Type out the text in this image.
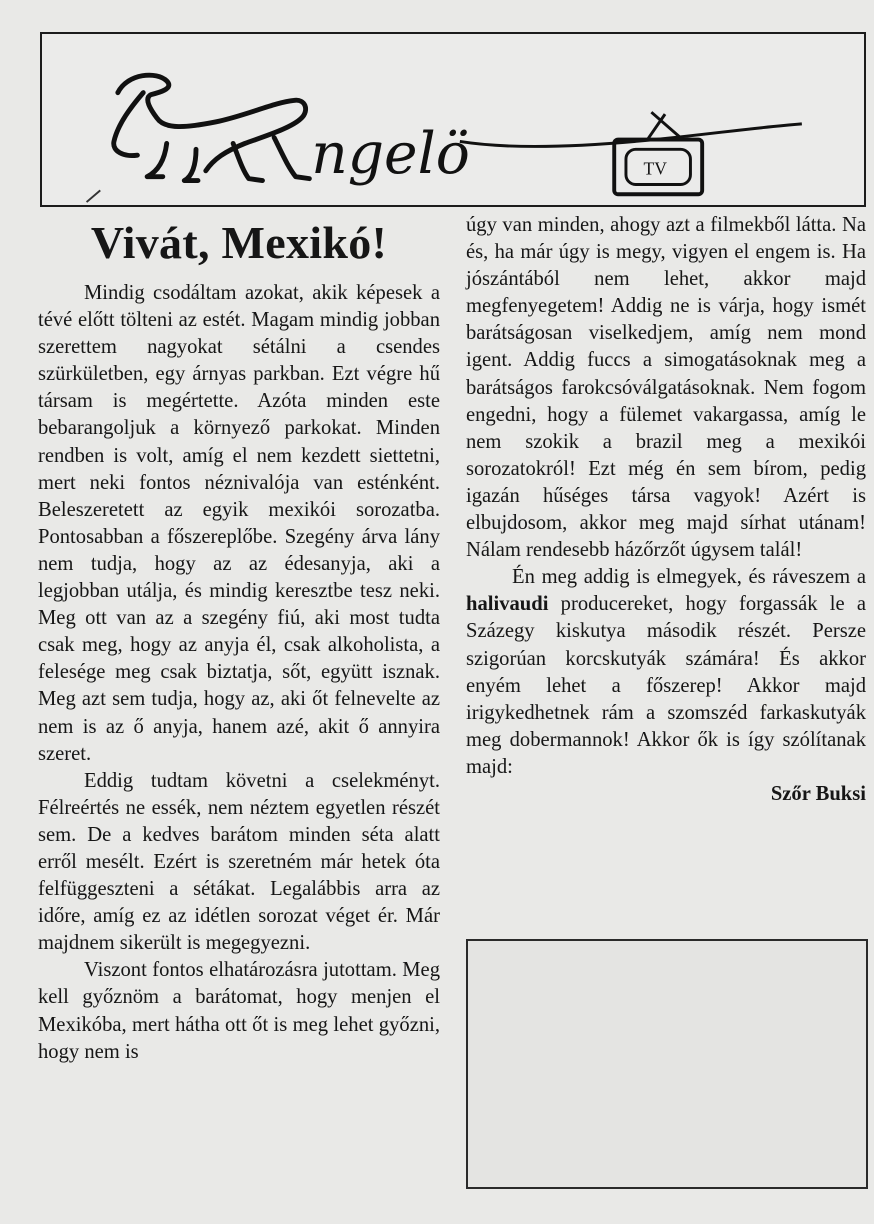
TV
ngelö
Vivát, Mexikó!

Mindig csodáltam azokat, akik képesek a tévé előtt tölteni az estét. Magam mindig jobban szerettem nagyokat sétálni a csendes szürkületben, egy árnyas parkban. Ezt végre hű társam is megértette. Azóta minden este bebarangoljuk a környező parkokat. Minden rendben is volt, amíg el nem kezdett siettetni, mert neki fontos néznivalója van esténként. Beleszeretett az egyik mexikói sorozatba. Pontosabban a főszereplőbe. Szegény árva lány nem tudja, hogy az az édesanyja, aki a legjobban utálja, és mindig keresztbe tesz neki. Meg ott van az a szegény fiú, aki most tudta csak meg, hogy az anyja él, csak alkoholista, a felesége meg csak biztatja, sőt, együtt isznak. Meg azt sem tudja, hogy az, aki őt felnevelte az nem is az ő anyja, hanem azé, akit ő annyira szeret.

Eddig tudtam követni a cselekményt. Félreértés ne essék, nem néztem egyetlen részét sem. De a kedves barátom minden séta alatt erről mesélt. Ezért is szeretném már hetek óta felfüggeszteni a sétákat. Legalábbis arra az időre, amíg ez az idétlen sorozat véget ér. Már majdnem sikerült is megegyezni.

Viszont fontos elhatározásra jutottam. Meg kell győznöm a barátomat, hogy menjen el Mexikóba, mert hátha ott őt is meg lehet győzni, hogy nem is

úgy van minden, ahogy azt a filmekből látta. Na és, ha már úgy is megy, vigyen el engem is. Ha jószántából nem lehet, akkor majd megfenyegetem! Addig ne is várja, hogy ismét barátságosan viselkedjem, amíg nem mond igent. Addig fuccs a simogatásoknak meg a barátságos farokcsóválgatásoknak. Nem fogom engedni, hogy a fülemet vakargassa, amíg le nem szokik a brazil meg a mexikói sorozatokról! Ezt még én sem bírom, pedig igazán hűséges társa vagyok! Azért is elbujdosom, akkor meg majd sírhat utánam! Nálam rendesebb házőrzőt úgysem talál!

Én meg addig is elmegyek, és ráveszem a halivaudi producereket, hogy forgassák le a Százegy kiskutya második részét. Persze szigorúan korcskutyák számára! És akkor enyém lehet a főszerep! Akkor majd irigykedhetnek rám a szomszéd farkaskutyák meg dobermannok! Akkor ők is így szólítanak majd:

Szőr Buksi
